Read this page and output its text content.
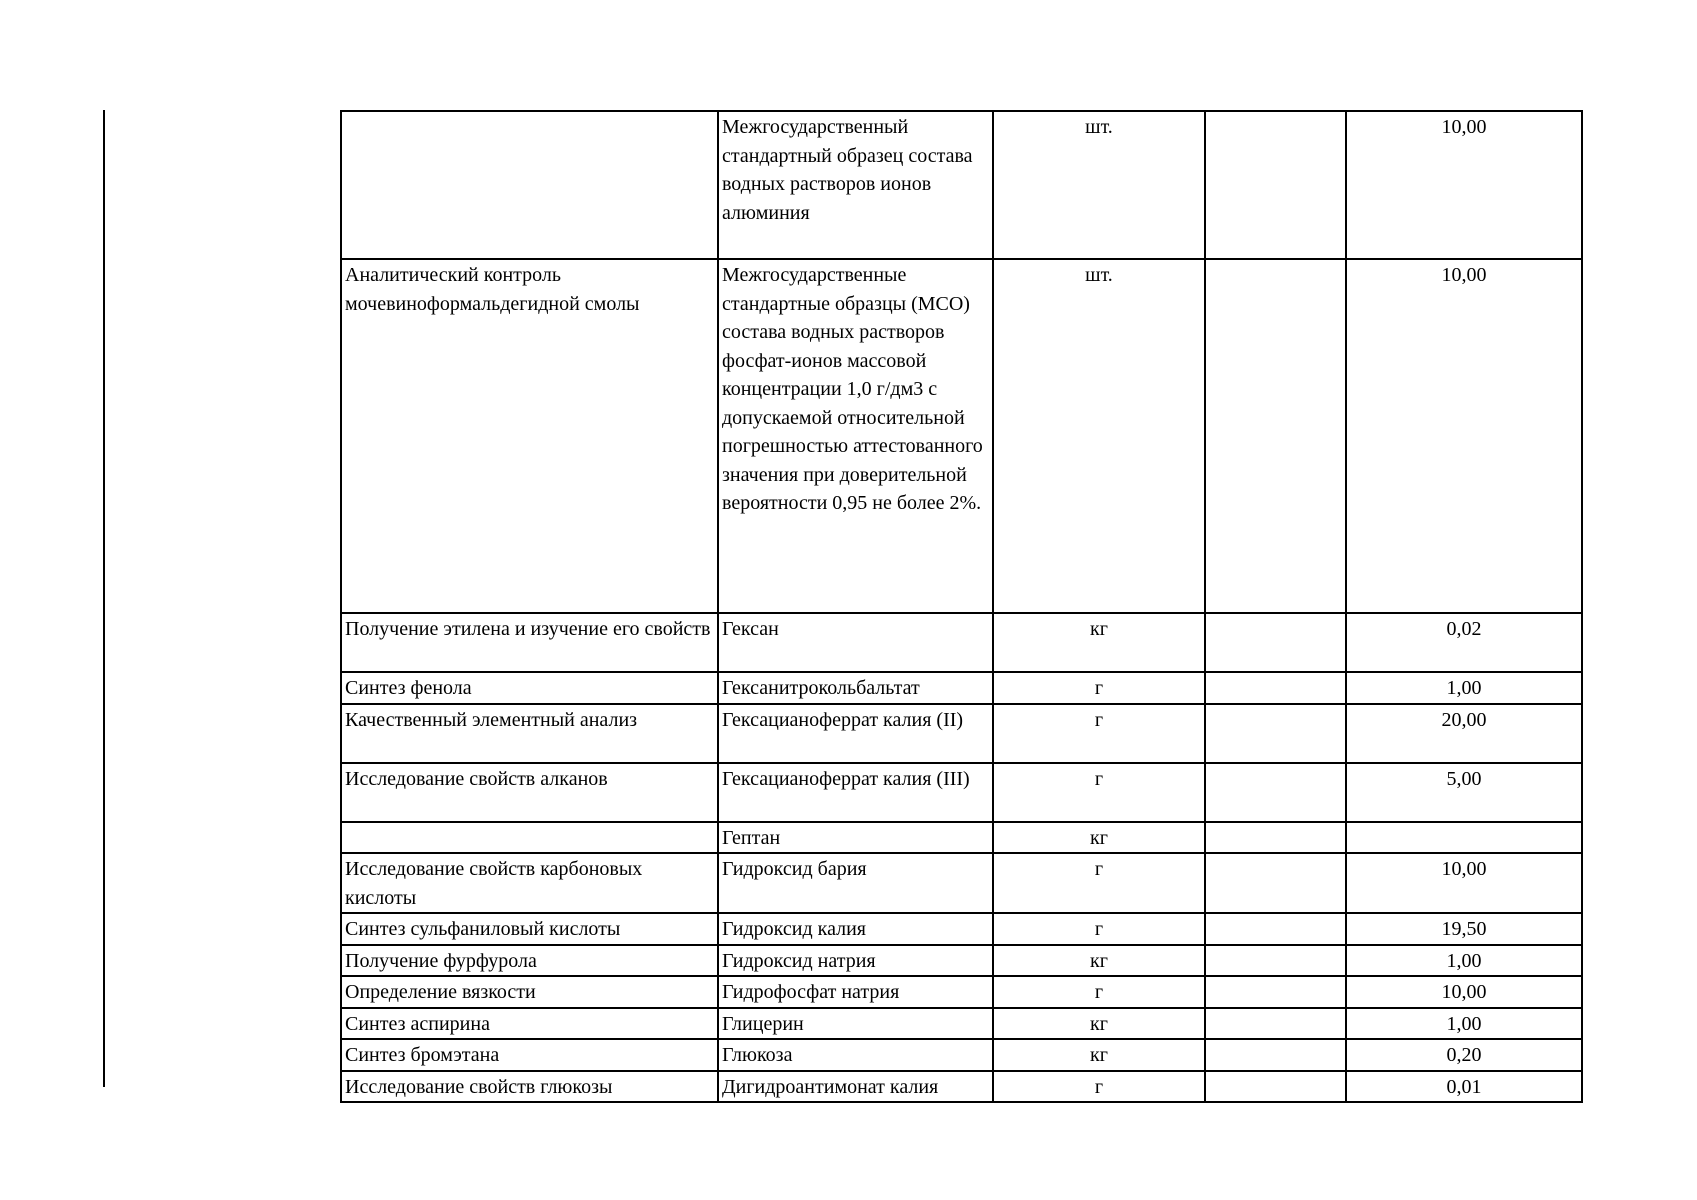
	Межгосударственный стандартный образец состава водных растворов ионов алюминия	шт.		10,00
Аналитический контроль мочевиноформальдегидной смолы	Межгосударственные стандартные образцы (МСО) состава водных растворов фосфат-ионов массовой концентрации 1,0 г/дм3 с допускаемой относительной погрешностью аттестованного значения при доверительной вероятности 0,95 не более 2%.	шт.		10,00
Получение этилена и изучение его свойств	Гексан	кг		0,02
Синтез фенола	Гексанитрокольбальтат	г		1,00
Качественный элементный анализ	Гексацианоферрат калия (II)	г		20,00
Исследование свойств алканов	Гексацианоферрат калия (III)	г		5,00
	Гептан	кг		
Исследование свойств карбоновых кислоты	Гидроксид бария	г		10,00
Синтез сульфаниловый кислоты	Гидроксид калия	г		19,50
Получение фурфурола	Гидроксид натрия	кг		1,00
Определение вязкости	Гидрофосфат натрия	г		10,00
Синтез аспирина	Глицерин	кг		1,00
Синтез бромэтана	Глюкоза	кг		0,20
Исследование свойств глюкозы	Дигидроантимонат калия	г		0,01
